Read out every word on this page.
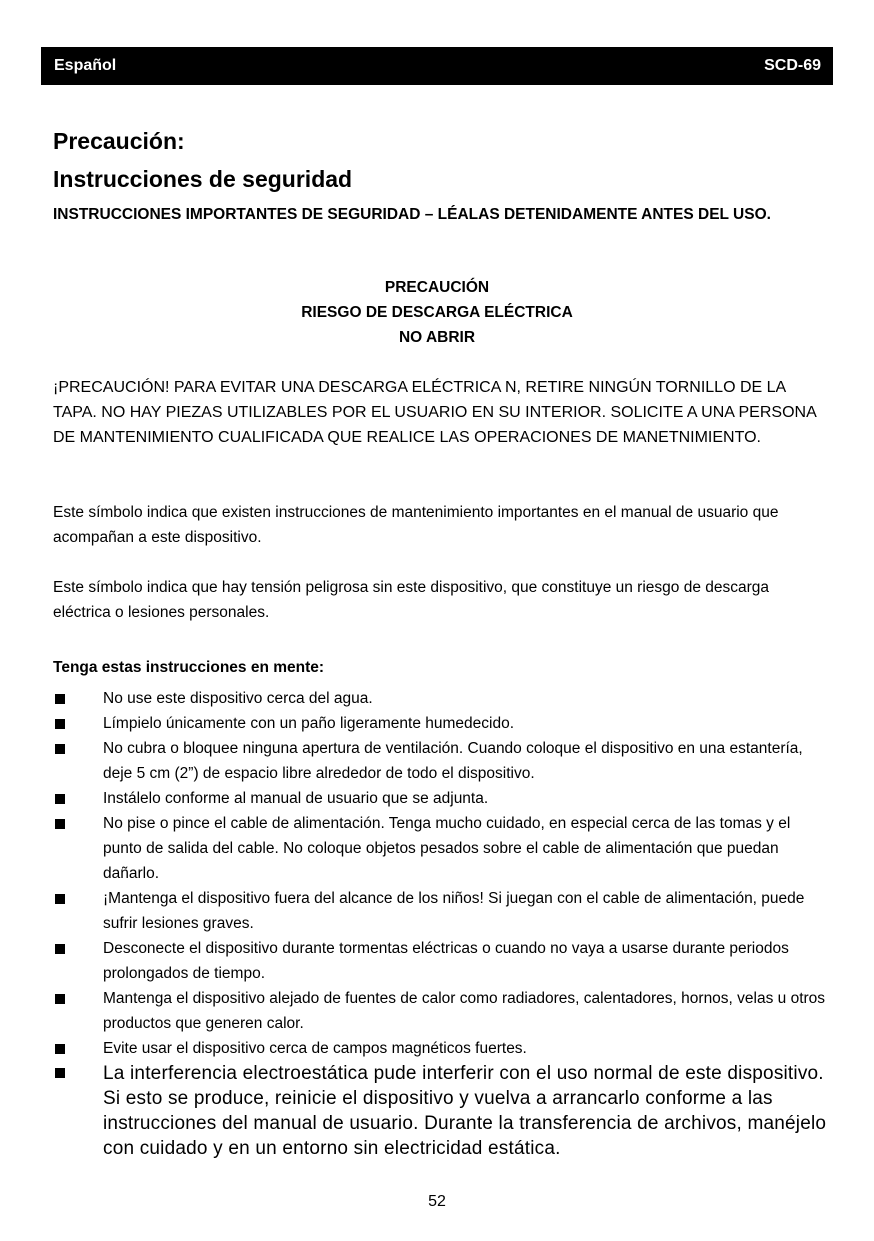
Español	SCD-69
Precaución:
Instrucciones de seguridad

INSTRUCCIONES IMPORTANTES DE SEGURIDAD – LÉALAS DETENIDAMENTE ANTES DEL USO.

PRECAUCIÓN
RIESGO DE DESCARGA ELÉCTRICA
NO ABRIR

¡PRECAUCIÓN! PARA EVITAR UNA DESCARGA ELÉCTRICA N, RETIRE NINGÚN TORNILLO DE LA TAPA. NO HAY PIEZAS UTILIZABLES POR EL USUARIO EN SU INTERIOR. SOLICITE A UNA PERSONA DE MANTENIMIENTO CUALIFICADA QUE REALICE LAS OPERACIONES DE MANETNIMIENTO.

Este símbolo indica que existen instrucciones de mantenimiento importantes en el manual de usuario que acompañan a este dispositivo.

Este símbolo indica que hay tensión peligrosa sin este dispositivo, que constituye un riesgo de descarga eléctrica o lesiones personales.

Tenga estas instrucciones en mente:

No use este dispositivo cerca del agua.
Límpielo únicamente con un paño ligeramente humedecido.
No cubra o bloquee ninguna apertura de ventilación. Cuando coloque el dispositivo en una estantería, deje 5 cm (2”) de espacio libre alrededor de todo el dispositivo.
Instálelo conforme al manual de usuario que se adjunta.
No pise o pince el cable de alimentación. Tenga mucho cuidado, en especial cerca de las tomas y el punto de salida del cable. No coloque objetos pesados sobre el cable de alimentación que puedan dañarlo.
¡Mantenga el dispositivo fuera del alcance de los niños! Si juegan con el cable de alimentación, puede sufrir lesiones graves.
Desconecte el dispositivo durante tormentas eléctricas o cuando no vaya a usarse durante periodos prolongados de tiempo.
Mantenga el dispositivo alejado de fuentes de calor como radiadores, calentadores, hornos, velas u otros productos que generen calor.
Evite usar el dispositivo cerca de campos magnéticos fuertes.
La interferencia electroestática pude interferir con el uso normal de este dispositivo. Si esto se produce, reinicie el dispositivo y vuelva a arrancarlo conforme a las instrucciones del manual de usuario. Durante la transferencia de archivos, manéjelo con cuidado y en un entorno sin electricidad estática.
52
